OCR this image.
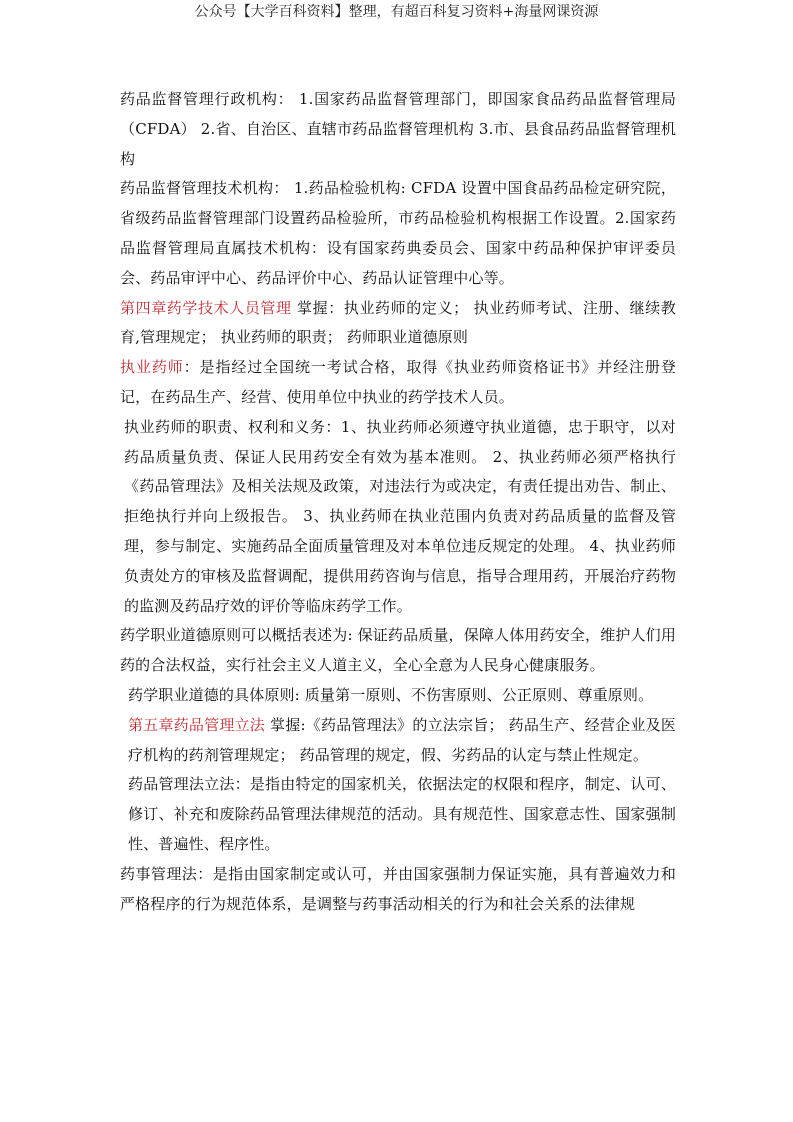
公众号【大学百科资料】整理，有超百科复习资料+海量网课资源

药品监督管理行政机构： 1.国家药品监督管理部门，即国家食品药品监督管理局（CFDA） 2.省、自治区、直辖市药品监督管理机构 3.市、县食品药品监督管理机构

药品监督管理技术机构： 1.药品检验机构: CFDA 设置中国食品药品检定研究院，省级药品监督管理部门设置药品检验所，市药品检验机构根据工作设置。2.国家药品监督管理局直属技术机构：设有国家药典委员会、国家中药品种保护审评委员会、药品审评中心、药品评价中心、药品认证管理中心等。

第四章药学技术人员管理 掌握：执业药师的定义； 执业药师考试、注册、继续教育,管理规定； 执业药师的职责； 药师职业道德原则

执业药师：是指经过全国统一考试合格，取得《执业药师资格证书》并经注册登记，在药品生产、经营、使用单位中执业的药学技术人员。

执业药师的职责、权利和义务：1、执业药师必须遵守执业道德，忠于职守，以对药品质量负责、保证人民用药安全有效为基本准则。 2、执业药师必须严格执行《药品管理法》及相关法规及政策，对违法行为或决定，有责任提出劝告、制止、拒绝执行并向上级报告。 3、执业药师在执业范围内负责对药品质量的监督及管理，参与制定、实施药品全面质量管理及对本单位违反规定的处理。 4、执业药师负责处方的审核及监督调配，提供用药咨询与信息，指导合理用药，开展治疗药物的监测及药品疗效的评价等临床药学工作。

药学职业道德原则可以概括表述为: 保证药品质量，保障人体用药安全，维护人们用药的合法权益，实行社会主义人道主义，全心全意为人民身心健康服务。

药学职业道德的具体原则: 质量第一原则、不伤害原则、公正原则、尊重原则。

第五章药品管理立法 掌握:《药品管理法》的立法宗旨； 药品生产、经营企业及医疗机构的药剂管理规定； 药品管理的规定，假、劣药品的认定与禁止性规定。

药品管理法立法：是指由特定的国家机关，依据法定的权限和程序，制定、认可、修订、补充和废除药品管理法律规范的活动。具有规范性、国家意志性、国家强制性、普遍性、程序性。

药事管理法：是指由国家制定或认可，并由国家强制力保证实施，具有普遍效力和严格程序的行为规范体系，是调整与药事活动相关的行为和社会关系的法律规
